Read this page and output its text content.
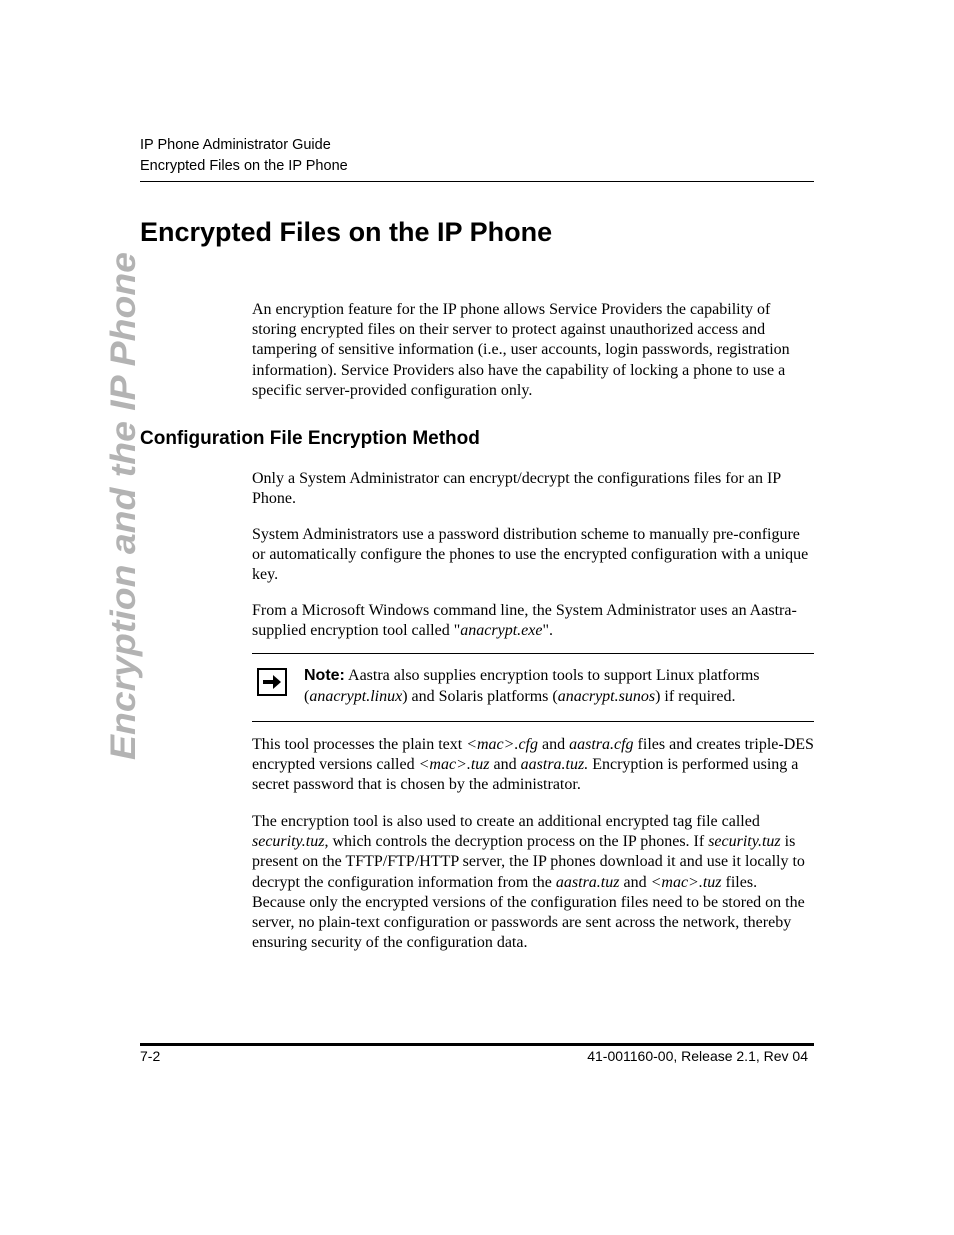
IP Phone Administrator Guide
Encrypted Files on the IP Phone
Encryption and the IP Phone
Encrypted Files on the IP Phone

An encryption feature for the IP phone allows Service Providers the capability of storing encrypted files on their server to protect against unauthorized access and tampering of sensitive information (i.e., user accounts, login passwords, registration information). Service Providers also have the capability of locking a phone to use a specific server-provided configuration only.

Configuration File Encryption Method

Only a System Administrator can encrypt/decrypt the configurations files for an IP Phone.

System Administrators use a password distribution scheme to manually pre-configure or automatically configure the phones to use the encrypted configuration with a unique key.

From a Microsoft Windows command line, the System Administrator uses an Aastra-supplied encryption tool called "anacrypt.exe".

Note: Aastra also supplies encryption tools to support Linux platforms (anacrypt.linux) and Solaris platforms (anacrypt.sunos) if required.

This tool processes the plain text <mac>.cfg and aastra.cfg files and creates triple-DES encrypted versions called <mac>.tuz and aastra.tuz. Encryption is performed using a secret password that is chosen by the administrator.

The encryption tool is also used to create an additional encrypted tag file called security.tuz, which controls the decryption process on the IP phones. If security.tuz is present on the TFTP/FTP/HTTP server, the IP phones download it and use it locally to decrypt the configuration information from the aastra.tuz and <mac>.tuz files. Because only the encrypted versions of the configuration files need to be stored on the server, no plain-text configuration or passwords are sent across the network, thereby ensuring security of the configuration data.

7-2	41-001160-00, Release 2.1, Rev 04
